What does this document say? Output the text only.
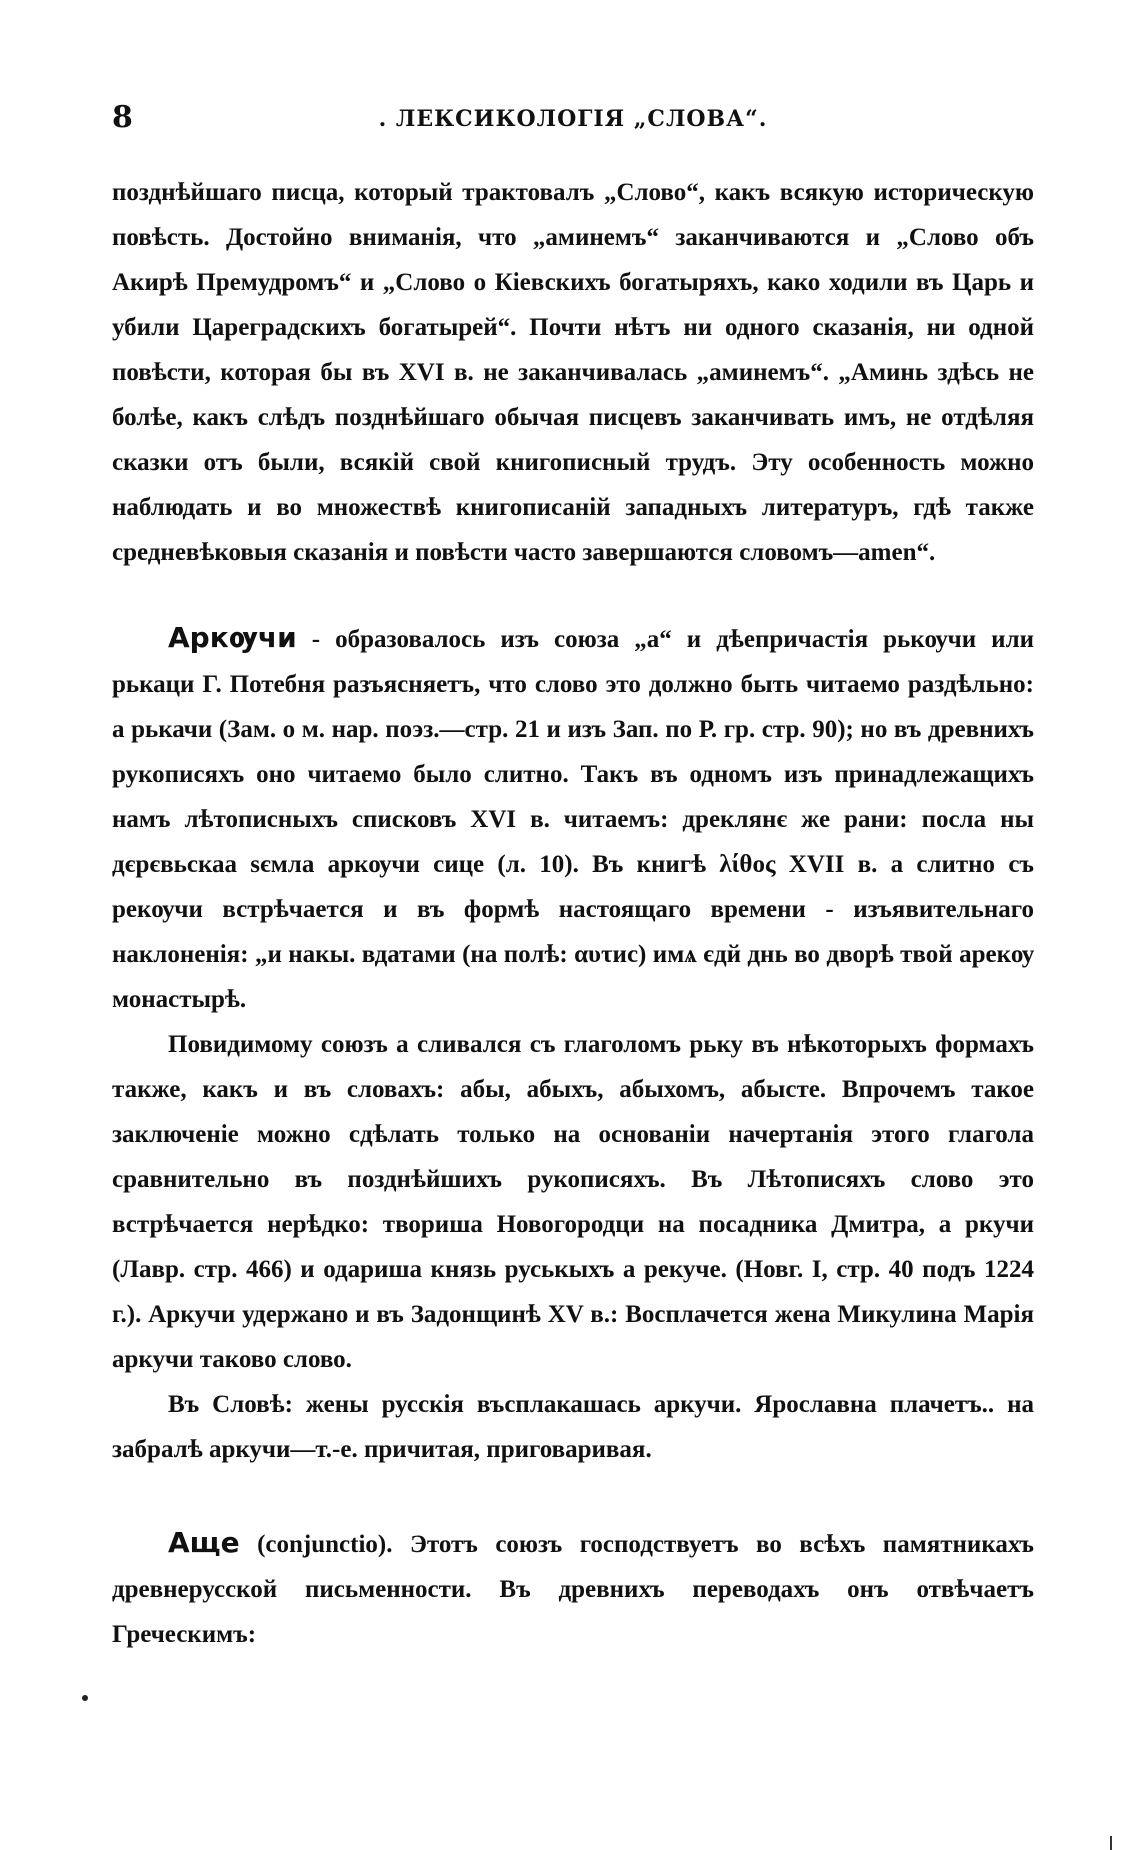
8	. ЛЕКСИКОЛОГІЯ „СЛОВА“.

позднѣйшаго писца, который трактовалъ „Слово“, какъ всякую историческую повѣсть. Достойно вниманія, что „аминемъ“ заканчиваются и „Слово объ Акирѣ Премудромъ“ и „Слово о Кіевскихъ богатыряхъ, како ходили въ Царь и убили Цареградскихъ богатырей“. Почти нѣтъ ни одного сказанія, ни одной повѣсти, которая бы въ XVI в. не заканчивалась „аминемъ“. „Аминь здѣсь не болѣе, какъ слѣдъ позднѣйшаго обычая писцевъ заканчивать имъ, не отдѣляя сказки отъ были, всякій свой книгописный трудъ. Эту особенность можно наблюдать и во множествѣ книгописаній западныхъ литературъ, гдѣ также средневѣковыя сказанія и повѣсти часто завершаются словомъ—amen“.

Аркѹчи - образовалось изъ союза „а“ и дѣепричастія рькѹчи или рькаци Г. Потебня разъясняетъ, что слово это должно быть читаемо раздѣльно: а рькачи (Зам. о м. нар. поэз.—стр. 21 и изъ Зап. по Р. гр. стр. 90); но въ древнихъ рукописяхъ оно читаемо было слитно. Такъ въ одномъ изъ принадлежащихъ намъ лѣтописныхъ списковъ XVI в. читаемъ: дреклянє же рани: посла ны дєрєвьскаа ѕємла аркѹчи сице (л. 10). Въ книгѣ λίθος XVII в. а слитно съ рекѹчи встрѣчается и въ формѣ настоящаго времени - изъявительнаго наклоненія: „и накы. вдатами (на полѣ: αυτис) имѧ єдй днь во дворѣ твой арекѹ монастырѣ.

Повидимому союзъ а сливался съ глаголомъ рьку въ нѣкоторыхъ формахъ также, какъ и въ словахъ: абы, абыхъ, абыхомъ, абысте. Впрочемъ такое заключеніе можно сдѣлать только на основаніи начертанія этого глагола сравнительно въ позднѣйшихъ рукописяхъ. Въ Лѣтописяхъ слово это встрѣчается нерѣдко: твориша Новогородци на посадника Дмитра, а ркучи (Лавр. стр. 466) и одариша князь руськыхъ а рекуче. (Новг. I, стр. 40 подъ 1224 г.). Аркучи удержано и въ Задонщинѣ XV в.: Восплачется жена Микулина Марія аркучи таково слово.

Въ Словѣ: жены русскія въсплакашась аркучи. Ярославна плачетъ.. на забралѣ аркучи—т.-е. причитая, приговаривая.

Аще (conjunctio). Этотъ союзъ господствуетъ во всѣхъ памятникахъ древнерусской письменности. Въ древнихъ переводахъ онъ отвѣчаетъ Греческимъ:
